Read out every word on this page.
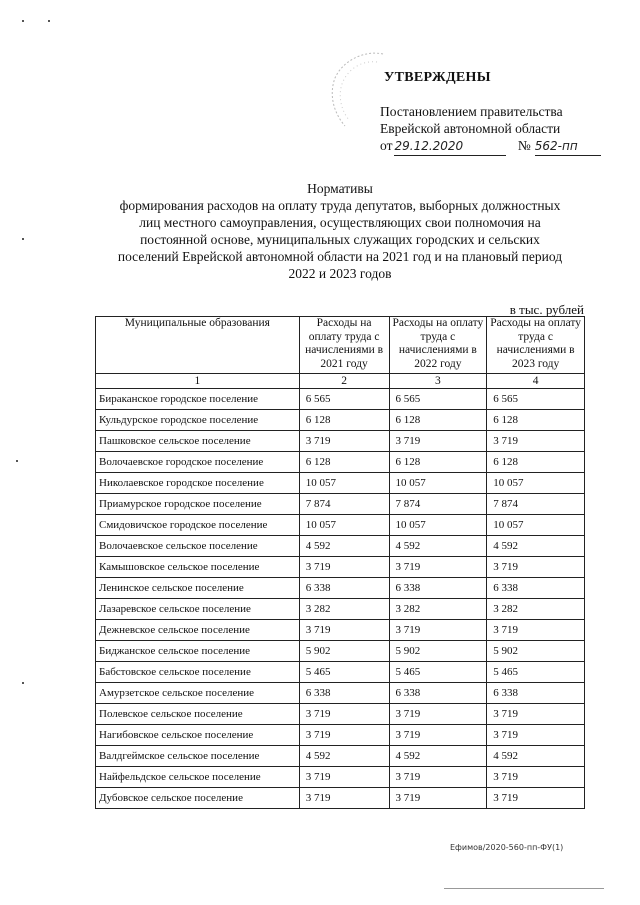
УТВЕРЖДЕНЫ
Постановлением правительства
Еврейской автономной области
от 29.12.2020	№ 562-пп
Нормативы
формирования расходов на оплату труда депутатов, выборных должностных
лиц местного самоуправления, осуществляющих свои полномочия на
постоянной основе, муниципальных служащих городских и сельских
поселений Еврейской автономной области на 2021 год и на плановый период
2022 и 2023 годов
в тыс. рублей
Муниципальные образования	Расходы на оплату труда с начислениями в 2021 году	Расходы на оплату труда с начислениями в 2022 году	Расходы на оплату труда с начислениями в 2023 году
1	2	3	4
Бираканское городское поселение	6 565	6 565	6 565
Кульдурское городское поселение	6 128	6 128	6 128
Пашковское сельское поселение	3 719	3 719	3 719
Волочаевское городское поселение	6 128	6 128	6 128
Николаевское городское поселение	10 057	10 057	10 057
Приамурское городское поселение	7 874	7 874	7 874
Смидовичское городское поселение	10 057	10 057	10 057
Волочаевское сельское поселение	4 592	4 592	4 592
Камышовское сельское поселение	3 719	3 719	3 719
Ленинское сельское поселение	6 338	6 338	6 338
Лазаревское сельское поселение	3 282	3 282	3 282
Дежневское сельское поселение	3 719	3 719	3 719
Биджанское сельское поселение	5 902	5 902	5 902
Бабстовское сельское поселение	5 465	5 465	5 465
Амурзетское сельское поселение	6 338	6 338	6 338
Полевское сельское поселение	3 719	3 719	3 719
Нагибовское сельское поселение	3 719	3 719	3 719
Валдгеймское сельское поселение	4 592	4 592	4 592
Найфельдское сельское поселение	3 719	3 719	3 719
Дубовское сельское поселение	3 719	3 719	3 719
Ефимов/2020-560-пп-ФУ(1)
